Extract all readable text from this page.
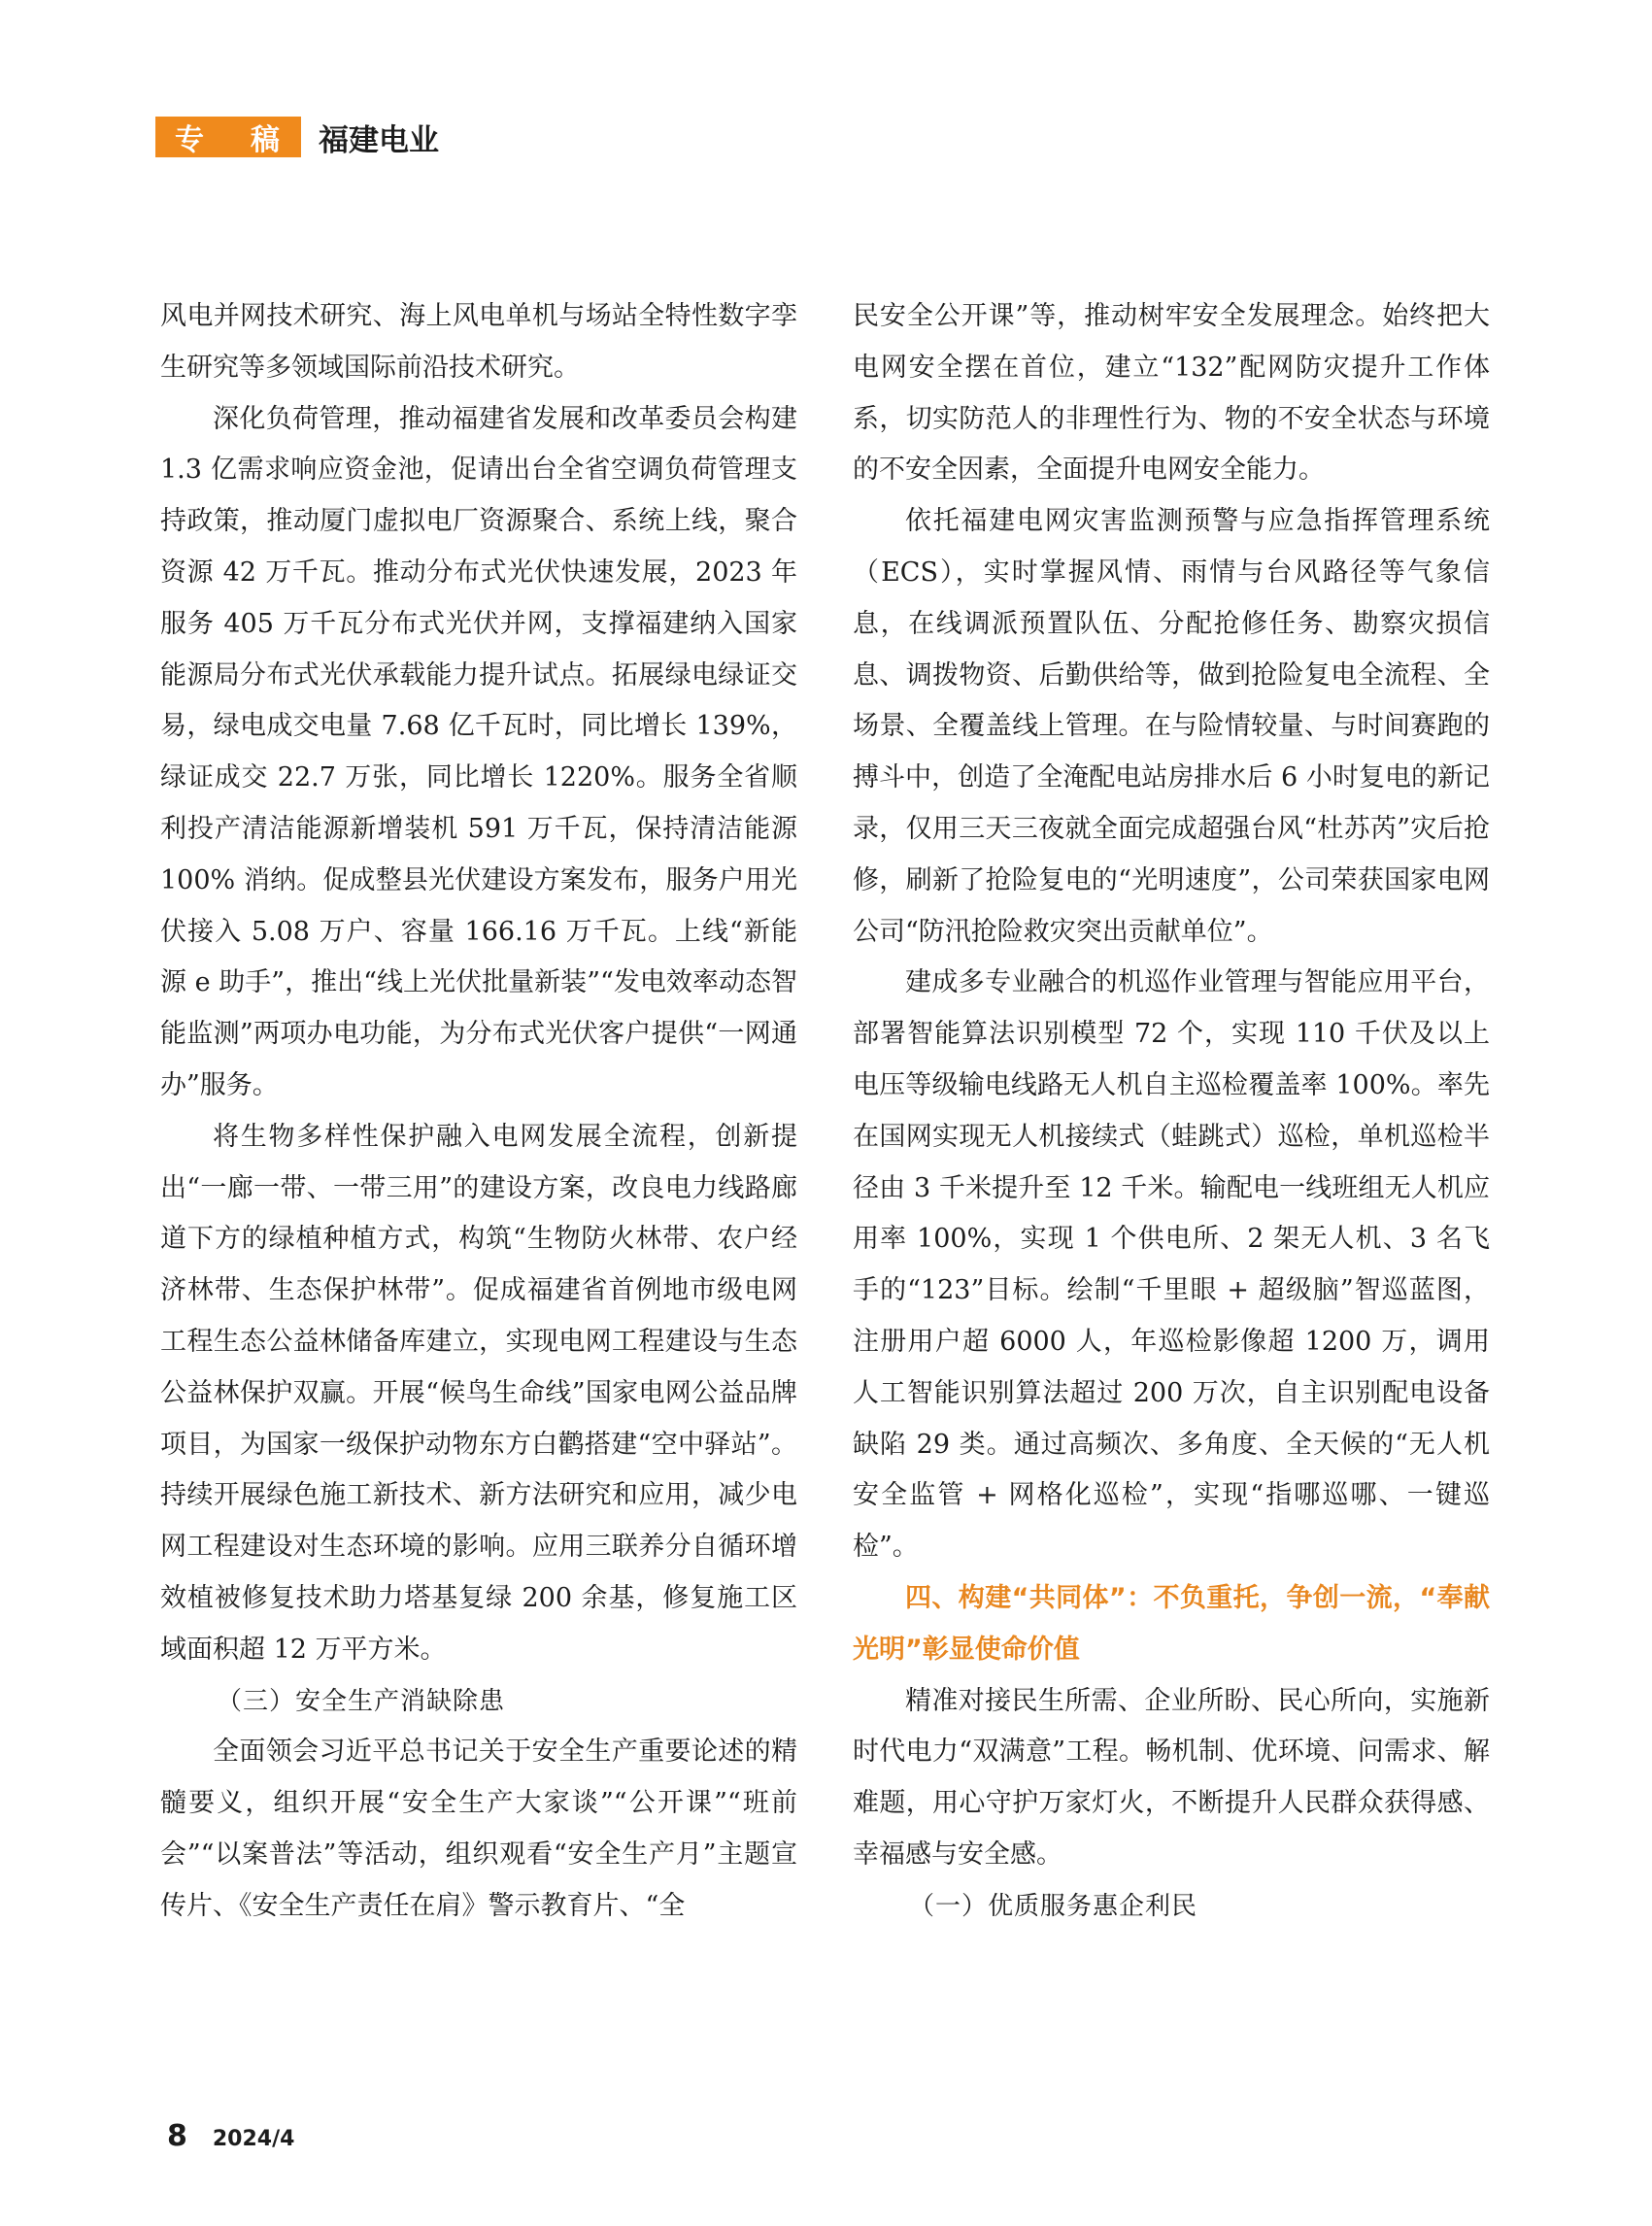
专 稿 福建电业

风电并网技术研究、海上风电单机与场站全特性数字孪生研究等多领域国际前沿技术研究。

深化负荷管理，推动福建省发展和改革委员会构建 1.3 亿需求响应资金池，促请出台全省空调负荷管理支持政策，推动厦门虚拟电厂资源聚合、系统上线，聚合资源 42 万千瓦。推动分布式光伏快速发展，2023 年服务 405 万千瓦分布式光伏并网，支撑福建纳入国家能源局分布式光伏承载能力提升试点。拓展绿电绿证交易，绿电成交电量 7.68 亿千瓦时，同比增长 139%，绿证成交 22.7 万张，同比增长 1220%。服务全省顺利投产清洁能源新增装机 591 万千瓦，保持清洁能源 100% 消纳。促成整县光伏建设方案发布，服务户用光伏接入 5.08 万户、容量 166.16 万千瓦。上线“新能源 e 助手”，推出“线上光伏批量新装”“发电效率动态智能监测”两项办电功能，为分布式光伏客户提供“一网通办”服务。

将生物多样性保护融入电网发展全流程，创新提出“一廊一带、一带三用”的建设方案，改良电力线路廊道下方的绿植种植方式，构筑“生物防火林带、农户经济林带、生态保护林带”。促成福建省首例地市级电网工程生态公益林储备库建立，实现电网工程建设与生态公益林保护双赢。开展“候鸟生命线”国家电网公益品牌项目，为国家一级保护动物东方白鹳搭建“空中驿站”。持续开展绿色施工新技术、新方法研究和应用，减少电网工程建设对生态环境的影响。应用三联养分自循环增效植被修复技术助力塔基复绿 200 余基，修复施工区域面积超 12 万平方米。

（三）安全生产消缺除患

全面领会习近平总书记关于安全生产重要论述的精髓要义，组织开展“安全生产大家谈”“公开课”“班前会”“以案普法”等活动，组织观看“安全生产月”主题宣传片、《安全生产责任在肩》警示教育片、“全

民安全公开课”等，推动树牢安全发展理念。始终把大电网安全摆在首位，建立“132”配网防灾提升工作体系，切实防范人的非理性行为、物的不安全状态与环境的不安全因素，全面提升电网安全能力。

依托福建电网灾害监测预警与应急指挥管理系统（ECS），实时掌握风情、雨情与台风路径等气象信息，在线调派预置队伍、分配抢修任务、勘察灾损信息、调拨物资、后勤供给等，做到抢险复电全流程、全场景、全覆盖线上管理。在与险情较量、与时间赛跑的搏斗中，创造了全淹配电站房排水后 6 小时复电的新记录，仅用三天三夜就全面完成超强台风“杜苏芮”灾后抢修，刷新了抢险复电的“光明速度”，公司荣获国家电网公司“防汛抢险救灾突出贡献单位”。

建成多专业融合的机巡作业管理与智能应用平台，部署智能算法识别模型 72 个，实现 110 千伏及以上电压等级输电线路无人机自主巡检覆盖率 100%。率先在国网实现无人机接续式（蛙跳式）巡检，单机巡检半径由 3 千米提升至 12 千米。输配电一线班组无人机应用率 100%，实现 1 个供电所、2 架无人机、3 名飞手的“123”目标。绘制“千里眼 + 超级脑”智巡蓝图，注册用户超 6000 人，年巡检影像超 1200 万，调用人工智能识别算法超过 200 万次，自主识别配电设备缺陷 29 类。通过高频次、多角度、全天候的“无人机安全监管 + 网格化巡检”，实现“指哪巡哪、一键巡检”。

四、构建“共同体”：不负重托，争创一流，“奉献光明”彰显使命价值

精准对接民生所需、企业所盼、民心所向，实施新时代电力“双满意”工程。畅机制、优环境、问需求、解难题，用心守护万家灯火，不断提升人民群众获得感、幸福感与安全感。

（一）优质服务惠企利民

8 2024/4
